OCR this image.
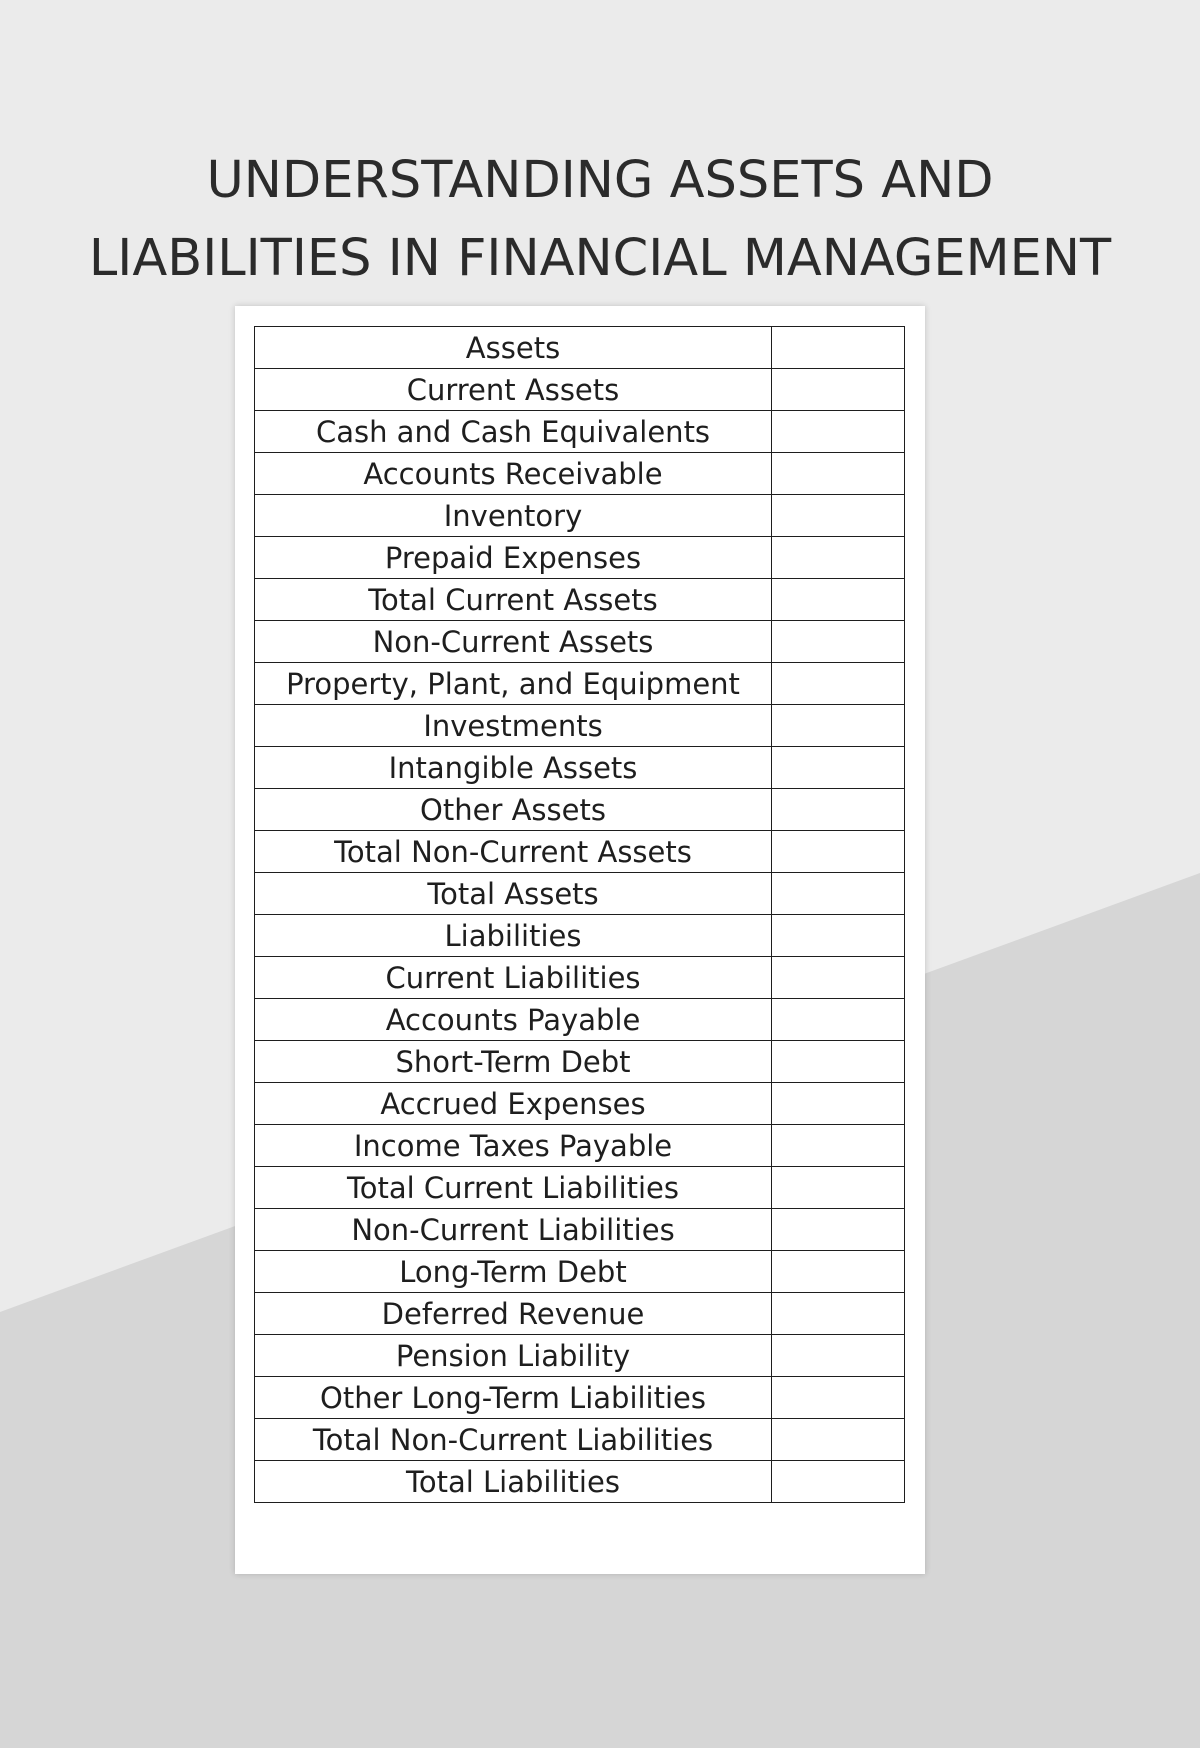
UNDERSTANDING ASSETS AND
LIABILITIES IN FINANCIAL MANAGEMENT
Assets	
Current Assets	
Cash and Cash Equivalents	
Accounts Receivable	
Inventory	
Prepaid Expenses	
Total Current Assets	
Non-Current Assets	
Property, Plant, and Equipment	
Investments	
Intangible Assets	
Other Assets	
Total Non-Current Assets	
Total Assets	
Liabilities	
Current Liabilities	
Accounts Payable	
Short-Term Debt	
Accrued Expenses	
Income Taxes Payable	
Total Current Liabilities	
Non-Current Liabilities	
Long-Term Debt	
Deferred Revenue	
Pension Liability	
Other Long-Term Liabilities	
Total Non-Current Liabilities	
Total Liabilities	
